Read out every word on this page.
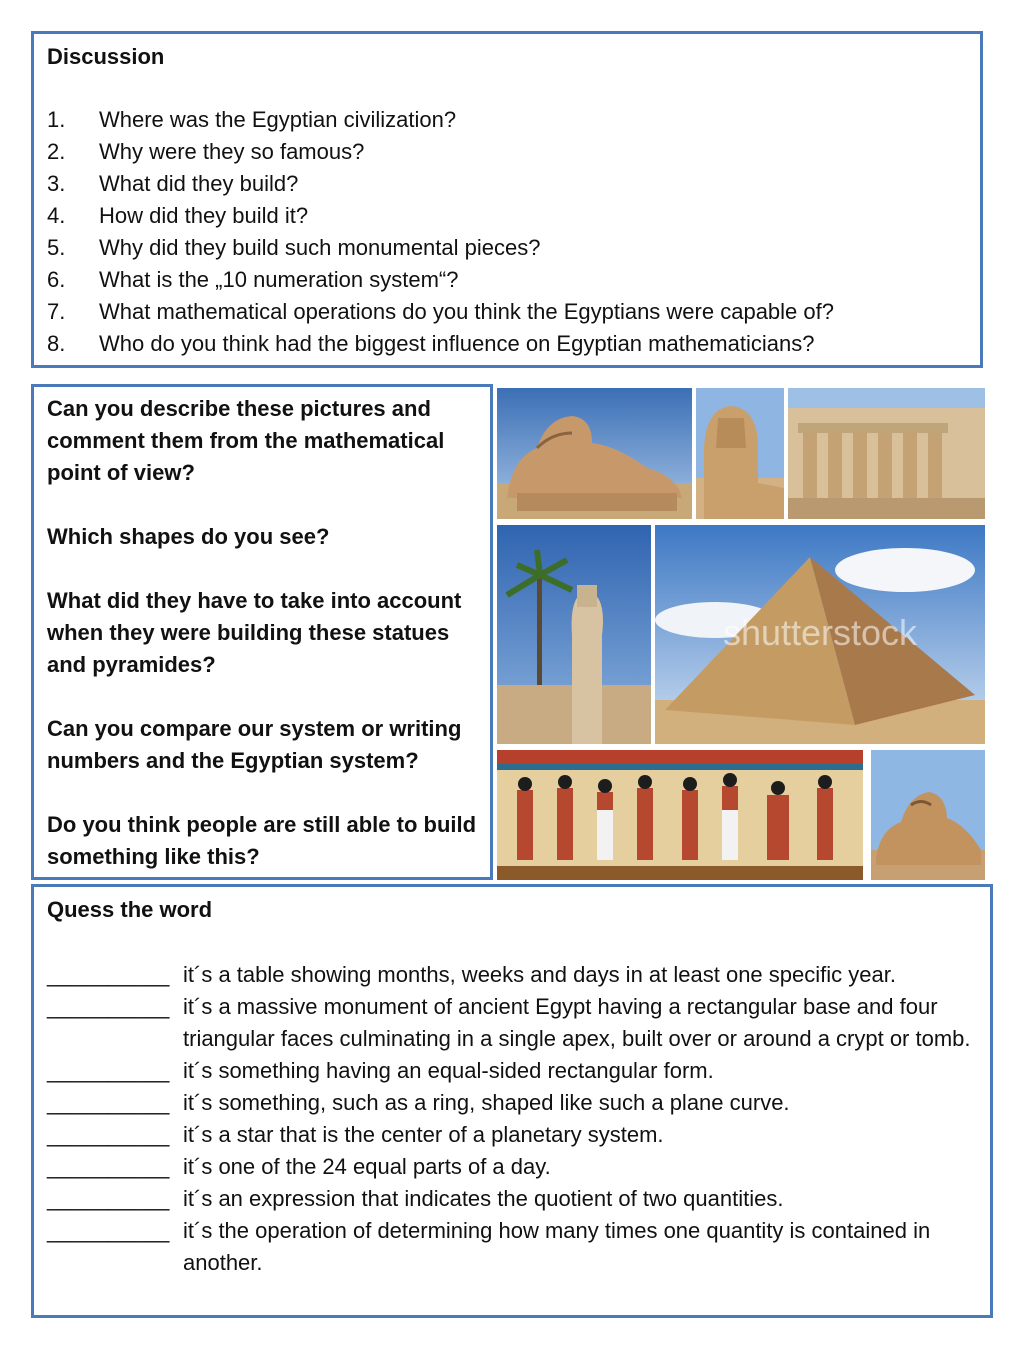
Discussion
1. Where was the Egyptian civilization?
2. Why were they so famous?
3. What did they build?
4. How did they build it?
5. Why did they build such monumental pieces?
6. What is the „10 numeration system“?
7. What mathematical operations do you think the Egyptians were capable of?
8. Who do you think had the biggest influence on Egyptian mathematicians?

Can you describe these pictures and comment them from the mathematical point of view?

Which shapes do you see?

What did they have to take into account when they were building these statues and pyramides?

Can you compare our system or writing numbers and the Egyptian system?

Do you think people are still able to build something like this?

shutterstock
Quess the word
__________ it´s a table showing months, weeks and days in at least one specific year.
__________ it´s a massive monument of ancient Egypt having a rectangular base and four triangular faces culminating in a single apex, built over or around a crypt or tomb.
__________ it´s something having an equal-sided rectangular form.
__________ it´s something, such as a ring, shaped like such a plane curve.
__________ it´s a star that is the center of a planetary system.
__________ it´s one of the 24 equal parts of a day.
__________ it´s an expression that indicates the quotient of two quantities.
__________ it´s the operation of determining how many times one quantity is contained in another.
